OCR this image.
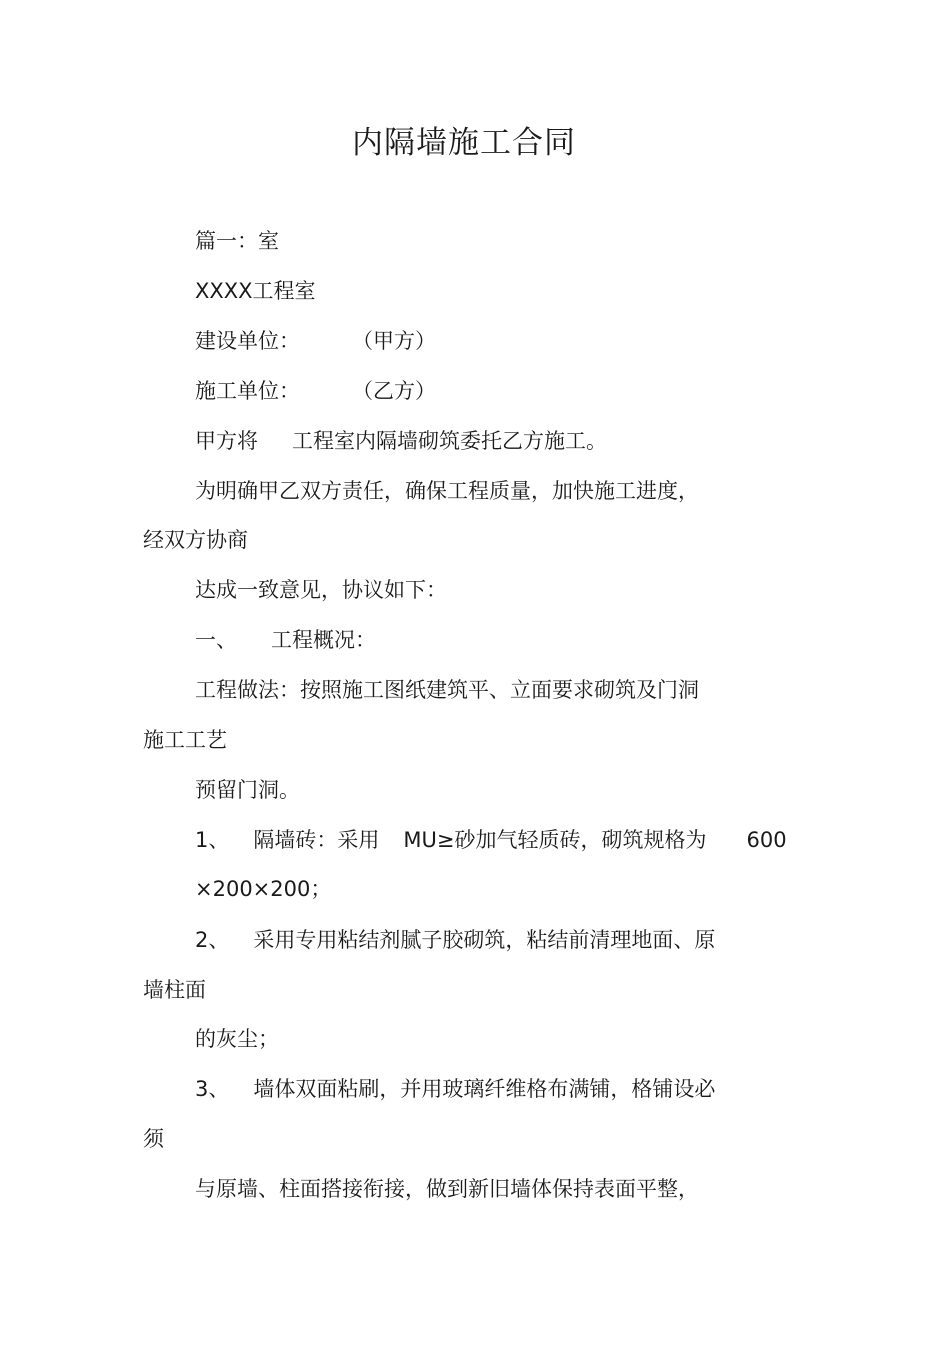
内隔墙施工合同
篇一：室
XXXX工程室
建设单位： （甲方）
施工单位： （乙方）
甲方将 工程室内隔墙砌筑委托乙方施工。
为明确甲乙双方责任，确保工程质量，加快施工进度，
经双方协商
达成一致意见，协议如下：
一、 工程概况：
工程做法：按照施工图纸建筑平、立面要求砌筑及门洞
施工工艺
预留门洞。
1、 隔墙砖：采用 MU≥砂加气轻质砖，砌筑规格为 600
×200×200；
2、 采用专用粘结剂腻子胶砌筑，粘结前清理地面、原
墙柱面
的灰尘；
3、 墙体双面粘刷，并用玻璃纤维格布满铺，格铺设必
须
与原墙、柱面搭接衔接，做到新旧墙体保持表面平整，
